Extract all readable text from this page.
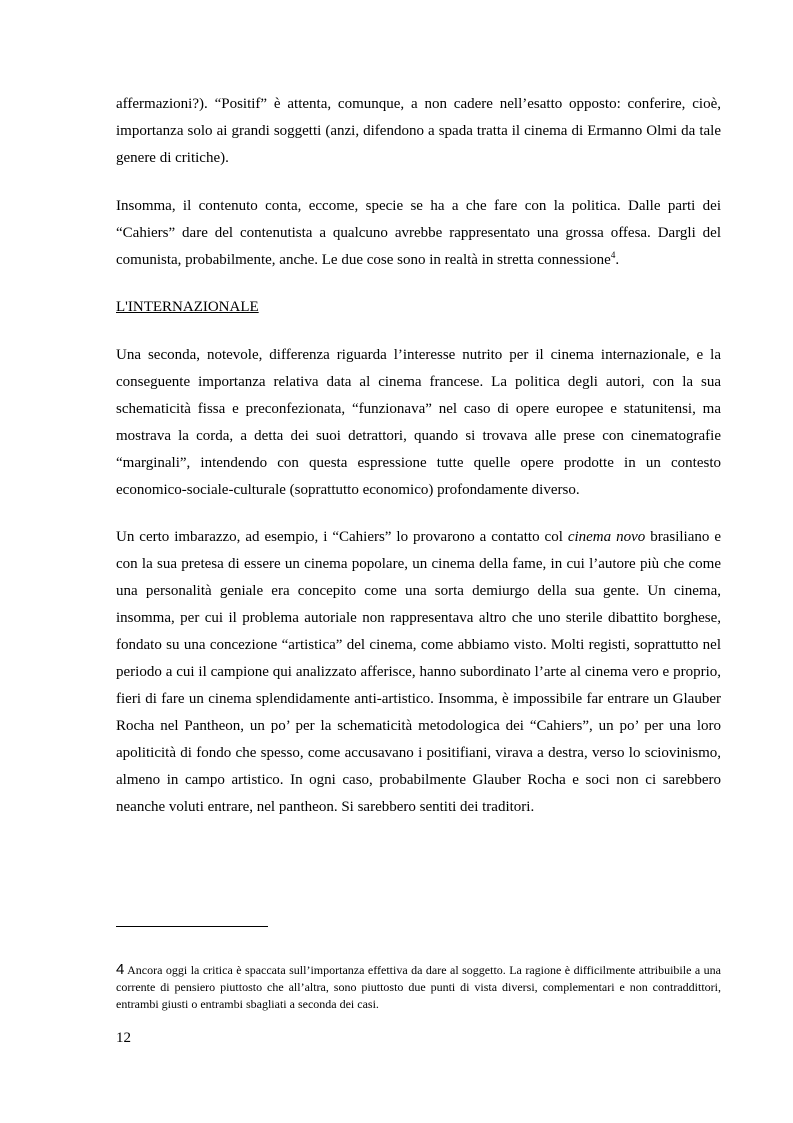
affermazioni?). “Positif” è attenta, comunque, a non cadere nell’esatto opposto: conferire, cioè, importanza solo ai grandi soggetti (anzi, difendono a spada tratta il cinema di Ermanno Olmi da tale genere di critiche).

Insomma, il contenuto conta, eccome, specie se ha a che fare con la politica. Dalle parti dei “Cahiers” dare del contenutista a qualcuno avrebbe rappresentato una grossa offesa. Dargli del comunista, probabilmente, anche. Le due cose sono in realtà in stretta connessione$^4$.

L'INTERNAZIONALE

Una seconda, notevole, differenza riguarda l’interesse nutrito per il cinema internazionale, e la conseguente importanza relativa data al cinema francese. La politica degli autori, con la sua schematicità fissa e preconfezionata, “funzionava” nel caso di opere europee e statunitensi, ma mostrava la corda, a detta dei suoi detrattori, quando si trovava alle prese con cinematografie “marginali”, intendendo con questa espressione tutte quelle opere prodotte in un contesto economico-sociale-culturale (soprattutto economico) profondamente diverso.

Un certo imbarazzo, ad esempio, i “Cahiers” lo provarono a contatto col cinema novo brasiliano e con la sua pretesa di essere un cinema popolare, un cinema della fame, in cui l’autore più che come una personalità geniale era concepito come una sorta demiurgo della sua gente. Un cinema, insomma, per cui il problema autoriale non rappresentava altro che uno sterile dibattito borghese, fondato su una concezione “artistica” del cinema, come abbiamo visto. Molti registi, soprattutto nel periodo a cui il campione qui analizzato afferisce, hanno subordinato l’arte al cinema vero e proprio, fieri di fare un cinema splendidamente anti-artistico. Insomma, è impossibile far entrare un Glauber Rocha nel Pantheon, un po’ per la schematicità metodologica dei “Cahiers”, un po’ per una loro apoliticità di fondo che spesso, come accusavano i positifiani, virava a destra, verso lo sciovinismo, almeno in campo artistico. In ogni caso, probabilmente Glauber Rocha e soci non ci sarebbero neanche voluti entrare, nel pantheon. Si sarebbero sentiti dei traditori.

4 Ancora oggi la critica è spaccata sull’importanza effettiva da dare al soggetto. La ragione è difficilmente attribuibile a una corrente di pensiero piuttosto che all’altra, sono piuttosto due punti di vista diversi, complementari e non contraddittori, entrambi giusti o entrambi sbagliati a seconda dei casi.

12
